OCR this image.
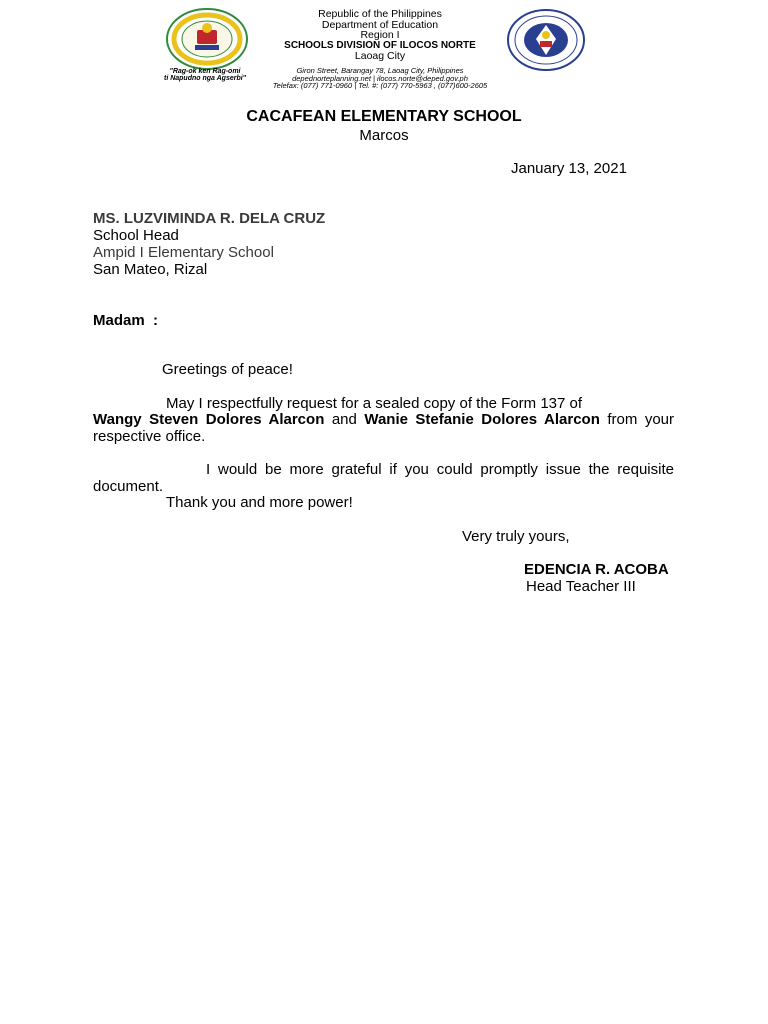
"Rag-ok ken Rag-omi
ti Napudno nga Agserbi"
Republic of the Philippines
Department of Education
Region I
SCHOOLS DIVISION OF ILOCOS NORTE
Laoag City
Giron Street, Barangay 78, Laoag City, Philippines
depednorteplanning.net | ilocos.norte@deped.gov.ph
Telefax: (077) 771-0960 | Tel. #: (077) 770-5963 , (077)600-2605
CACAFEAN ELEMENTARY SCHOOL
Marcos
January 13, 2021
MS. LUZVIMINDA R. DELA CRUZ
School Head
Ampid I Elementary School
San Mateo, Rizal
Madam  :
Greetings of peace!
May I respectfully request for a sealed copy of the Form 137 of
Wangy Steven Dolores Alarcon and Wanie Stefanie Dolores Alarcon from your respective office.
I would be more grateful if you could promptly issue the requisite document.
Thank you and more power!
Very truly yours,
EDENCIA R. ACOBA
Head Teacher III
